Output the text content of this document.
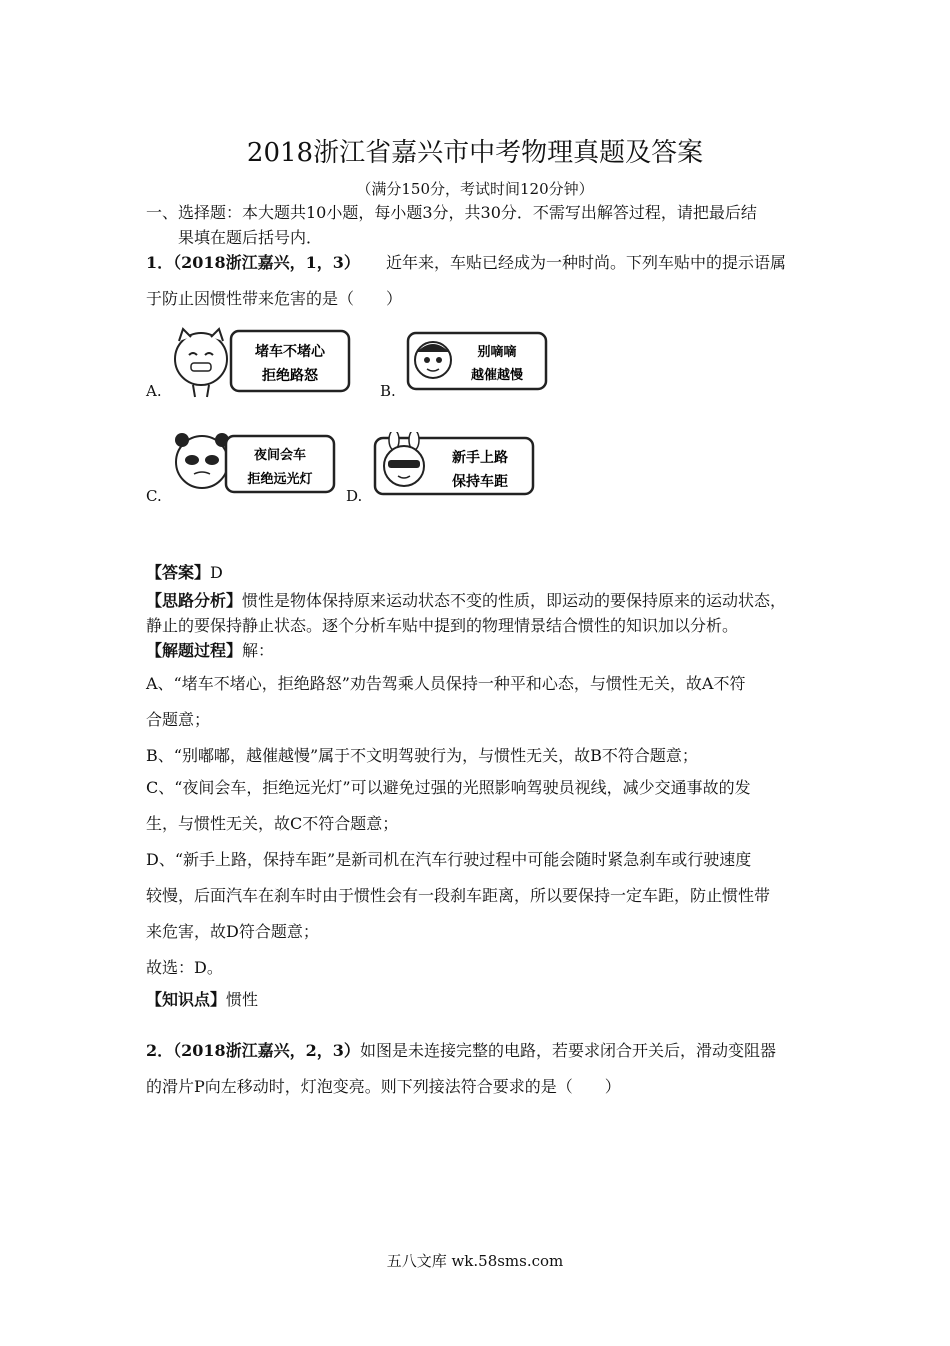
2018浙江省嘉兴市中考物理真题及答案
（满分150分，考试时间120分钟）
一、选择题：本大题共10小题，每小题3分，共30分．不需写出解答过程，请把最后结
果填在题后括号内．
1．（2018浙江嘉兴，1，3） 近年来，车贴已经成为一种时尚。下列车贴中的提示语属
于防止因惯性带来危害的是（　　）
A.
堵车不堵心
拒绝路怒
B.
别嘀嘀
越催越慢
C.
夜间会车
拒绝远光灯
D.
新手上路
保持车距
【答案】D
【思路分析】惯性是物体保持原来运动状态不变的性质，即运动的要保持原来的运动状态，
静止的要保持静止状态。逐个分析车贴中提到的物理情景结合惯性的知识加以分析。
【解题过程】解：
A、“堵车不堵心，拒绝路怒”劝告驾乘人员保持一种平和心态，与惯性无关，故A不符
合题意；
B、“别嘟嘟，越催越慢”属于不文明驾驶行为，与惯性无关，故B不符合题意；
C、“夜间会车，拒绝远光灯”可以避免过强的光照影响驾驶员视线，减少交通事故的发
生，与惯性无关，故C不符合题意；
D、“新手上路，保持车距”是新司机在汽车行驶过程中可能会随时紧急刹车或行驶速度
较慢，后面汽车在刹车时由于惯性会有一段刹车距离，所以要保持一定车距，防止惯性带
来危害，故D符合题意；
故选：D。
【知识点】惯性
2．（2018浙江嘉兴，2，3）如图是未连接完整的电路，若要求闭合开关后，滑动变阻器
的滑片P向左移动时，灯泡变亮。则下列接法符合要求的是（　　）
五八文库 wk.58sms.com
